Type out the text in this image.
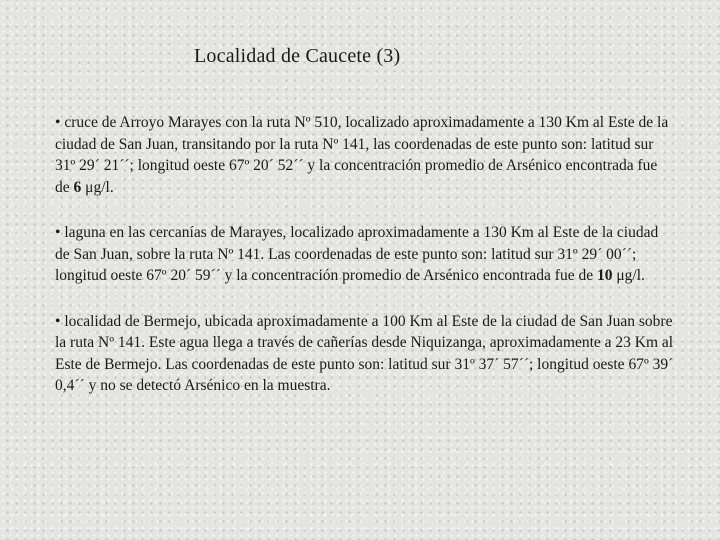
Localidad de Caucete (3)

• cruce de Arroyo Marayes con la ruta Nº 510, localizado aproximadamente a 130 Km al Este de la ciudad de San Juan, transitando por la ruta Nº 141, las coordenadas de este punto son: latitud sur 31º 29´ 21´´; longitud oeste 67º 20´ 52´´ y la concentración promedio de Arsénico encontrada fue de 6 μg/l.

• laguna en las cercanías de Marayes, localizado aproximadamente a 130 Km al Este de la ciudad de San Juan, sobre la ruta Nº 141. Las coordenadas de este punto son: latitud sur 31º 29´ 00´´; longitud oeste 67º 20´ 59´´ y la concentración promedio de Arsénico encontrada fue de 10 μg/l.

• localidad de Bermejo, ubicada aproximadamente a 100 Km al Este de la ciudad de San Juan sobre la ruta Nº 141. Este agua llega a través de cañerías desde Niquizanga, aproximadamente a 23 Km al Este de Bermejo. Las coordenadas de este punto son: latitud sur 31º 37´ 57´´; longitud oeste 67º 39´ 0,4´´ y no se detectó Arsénico en la muestra.
